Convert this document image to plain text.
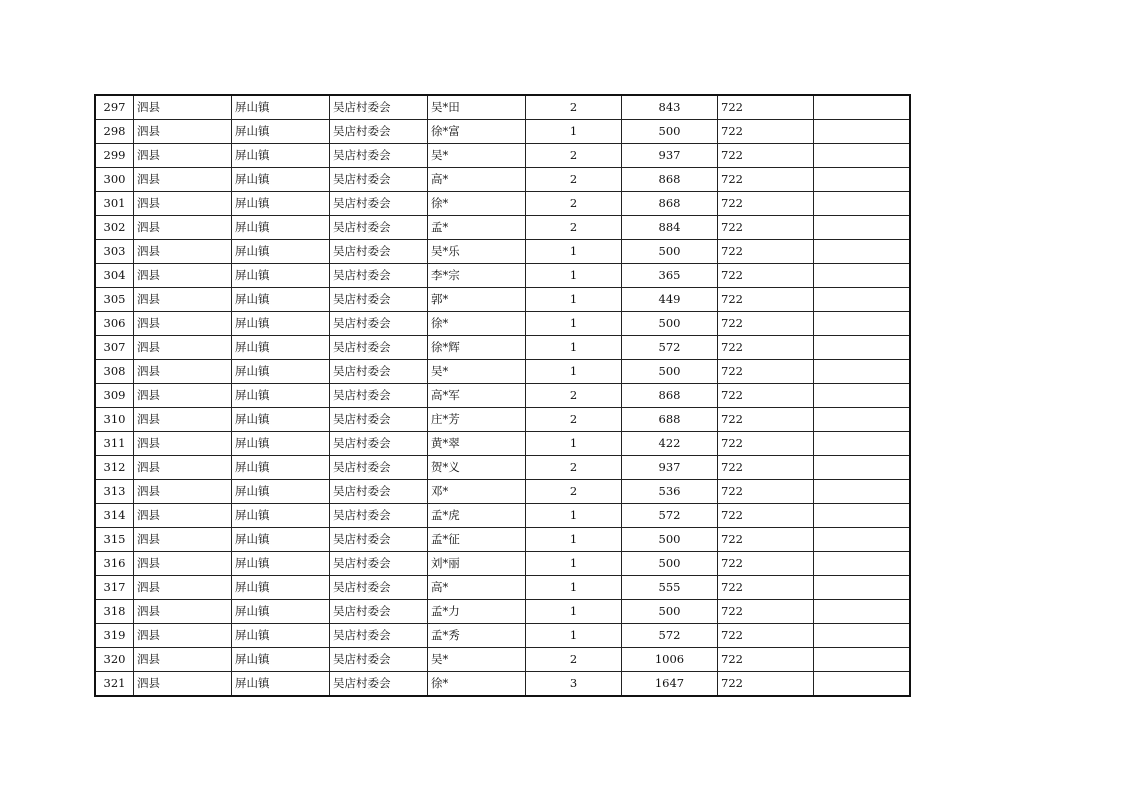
297	泗县	屏山镇	吴店村委会	吴*田	2	843	722	
298	泗县	屏山镇	吴店村委会	徐*富	1	500	722	
299	泗县	屏山镇	吴店村委会	吴*	2	937	722	
300	泗县	屏山镇	吴店村委会	高*	2	868	722	
301	泗县	屏山镇	吴店村委会	徐*	2	868	722	
302	泗县	屏山镇	吴店村委会	孟*	2	884	722	
303	泗县	屏山镇	吴店村委会	吴*乐	1	500	722	
304	泗县	屏山镇	吴店村委会	李*宗	1	365	722	
305	泗县	屏山镇	吴店村委会	郭*	1	449	722	
306	泗县	屏山镇	吴店村委会	徐*	1	500	722	
307	泗县	屏山镇	吴店村委会	徐*辉	1	572	722	
308	泗县	屏山镇	吴店村委会	吴*	1	500	722	
309	泗县	屏山镇	吴店村委会	高*军	2	868	722	
310	泗县	屏山镇	吴店村委会	庄*芳	2	688	722	
311	泗县	屏山镇	吴店村委会	黄*翠	1	422	722	
312	泗县	屏山镇	吴店村委会	贺*义	2	937	722	
313	泗县	屏山镇	吴店村委会	邓*	2	536	722	
314	泗县	屏山镇	吴店村委会	孟*虎	1	572	722	
315	泗县	屏山镇	吴店村委会	孟*征	1	500	722	
316	泗县	屏山镇	吴店村委会	刘*丽	1	500	722	
317	泗县	屏山镇	吴店村委会	高*	1	555	722	
318	泗县	屏山镇	吴店村委会	孟*力	1	500	722	
319	泗县	屏山镇	吴店村委会	孟*秀	1	572	722	
320	泗县	屏山镇	吴店村委会	吴*	2	1006	722	
321	泗县	屏山镇	吴店村委会	徐*	3	1647	722	
